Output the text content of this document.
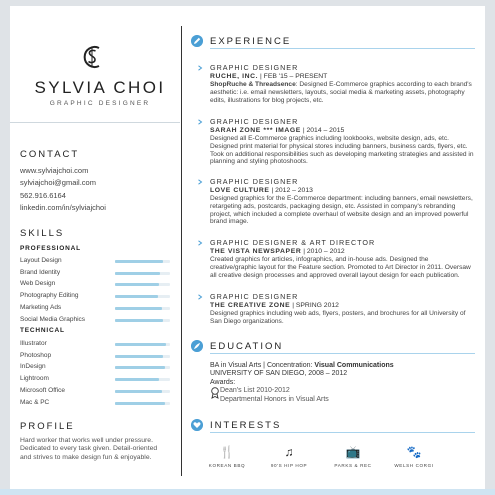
SYLVIA CHOI
GRAPHIC DESIGNER
CONTACT
www.sylviajchoi.com
sylviajchoi@gmail.com
562.916.6164
linkedin.com/in/sylviajchoi
SKILLS
PROFESSIONAL
Layout Design
Brand Identity
Web Design
Photography Editing
Marketing Ads
Social Media Graphics
TECHNICAL
Illustrator
Photoshop
InDesign
Lightroom
Microsoft Office
Mac & PC
PROFILE
Hard worker that works well under pressure. Dedicated to every task given. Detail-oriented and strives to make design fun & enjoyable.
EXPERIENCE
GRAPHIC DESIGNER
RUCHE, INC. | FEB '15 – PRESENT
ShopRuche & Threadsence: Designed E-Commerce graphics according to each brand's aesthetic: i.e. email newsletters, layouts, social media & marketing assets, photography edits, illustrations for blog projects, etc.
GRAPHIC DESIGNER
SARAH ZONE *** IMAGE | 2014 – 2015
Designed all E-Commerce graphics including lookbooks, website design, ads, etc. Designed print material for physical stores including banners, business cards, flyers, etc. Took on additional responsibilities such as developing marketing strategies and assisted in planning and styling photoshoots.
GRAPHIC DESIGNER
LOVE CULTURE | 2012 – 2013
Designed graphics for the E-Commerce department: including banners, email newsletters, retargeting ads, postcards, packaging design, etc. Assisted in company's rebranding project, which included a complete overhaul of website design and an improved powerful brand image.
GRAPHIC DESIGNER & ART DIRECTOR
THE VISTA NEWSPAPER | 2010 – 2012
Created graphics for articles, infographics, and in-house ads. Designed the creative/graphic layout for the Feature section. Promoted to Art Director in 2011. Oversaw all creative design processes and approved overall layout design for each publication.
GRAPHIC DESIGNER
THE CREATIVE ZONE | SPRING 2012
Designed graphics including web ads, flyers, posters, and brochures for all University of San Diego organizations.
EDUCATION
BA in Visual Arts | Concentration: Visual Communications
UNIVERSITY OF SAN DIEGO, 2008 – 2012
Awards:
Dean's List 2010-2012
Departmental Honors in Visual Arts
INTERESTS
🍴
KOREAN BBQ
♫
90'S HIP HOP
📺
PARKS & REC
🐾
WELSH CORGI
